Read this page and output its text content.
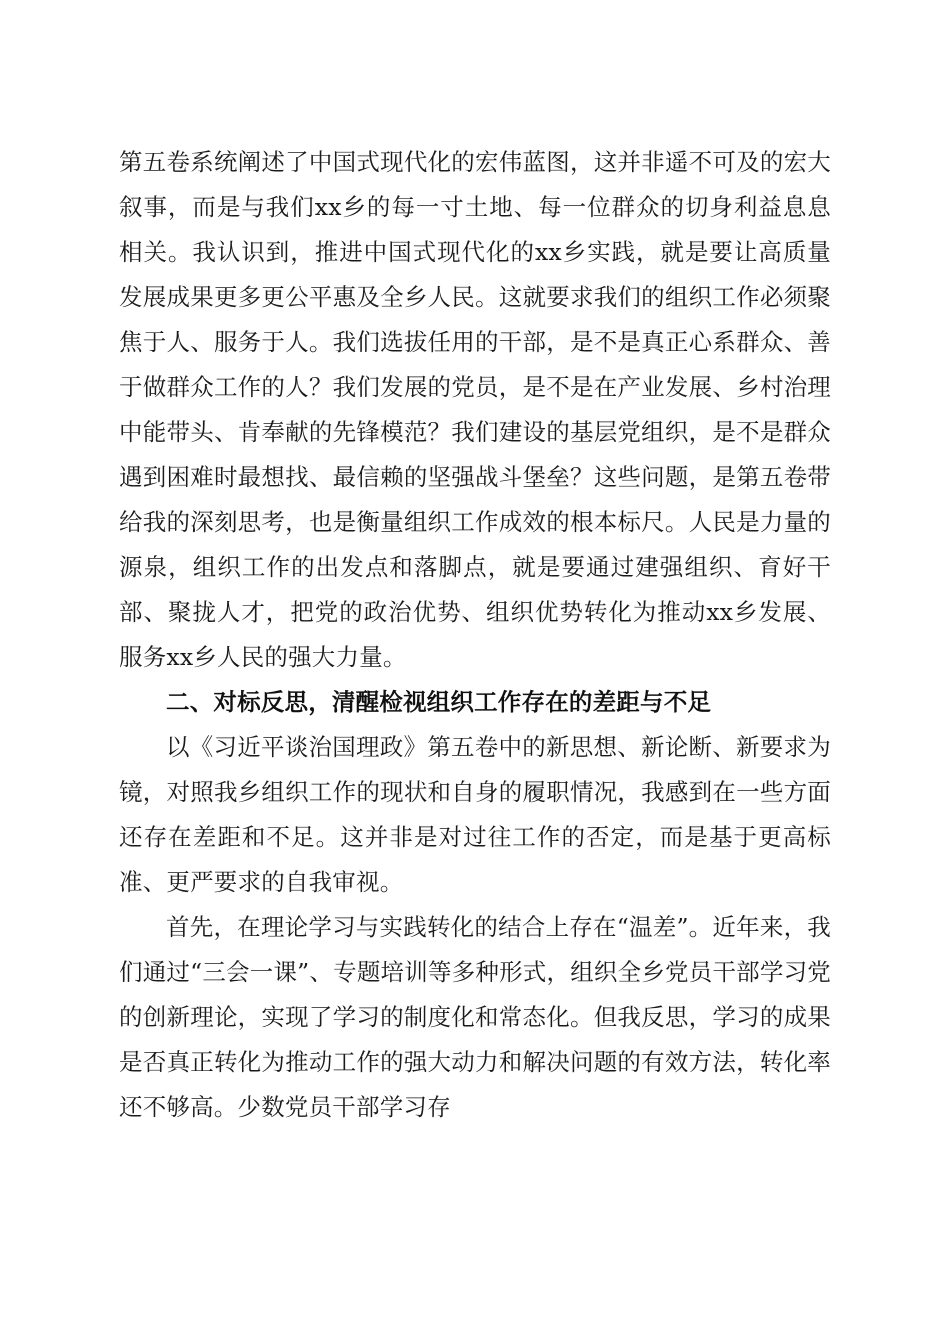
第五卷系统阐述了中国式现代化的宏伟蓝图，这并非遥不可及的宏大叙事，而是与我们xx乡的每一寸土地、每一位群众的切身利益息息相关。我认识到，推进中国式现代化的xx乡实践，就是要让高质量发展成果更多更公平惠及全乡人民。这就要求我们的组织工作必须聚焦于人、服务于人。我们选拔任用的干部，是不是真正心系群众、善于做群众工作的人？我们发展的党员，是不是在产业发展、乡村治理中能带头、肯奉献的先锋模范？我们建设的基层党组织，是不是群众遇到困难时最想找、最信赖的坚强战斗堡垒？这些问题，是第五卷带给我的深刻思考，也是衡量组织工作成效的根本标尺。人民是力量的源泉，组织工作的出发点和落脚点，就是要通过建强组织、育好干部、聚拢人才，把党的政治优势、组织优势转化为推动xx乡发展、服务xx乡人民的强大力量。

二、对标反思，清醒检视组织工作存在的差距与不足

以《习近平谈治国理政》第五卷中的新思想、新论断、新要求为镜，对照我乡组织工作的现状和自身的履职情况，我感到在一些方面还存在差距和不足。这并非是对过往工作的否定，而是基于更高标准、更严要求的自我审视。

首先，在理论学习与实践转化的结合上存在“温差”。近年来，我们通过“三会一课”、专题培训等多种形式，组织全乡党员干部学习党的创新理论，实现了学习的制度化和常态化。但我反思，学习的成果是否真正转化为推动工作的强大动力和解决问题的有效方法，转化率还不够高。少数党员干部学习存
